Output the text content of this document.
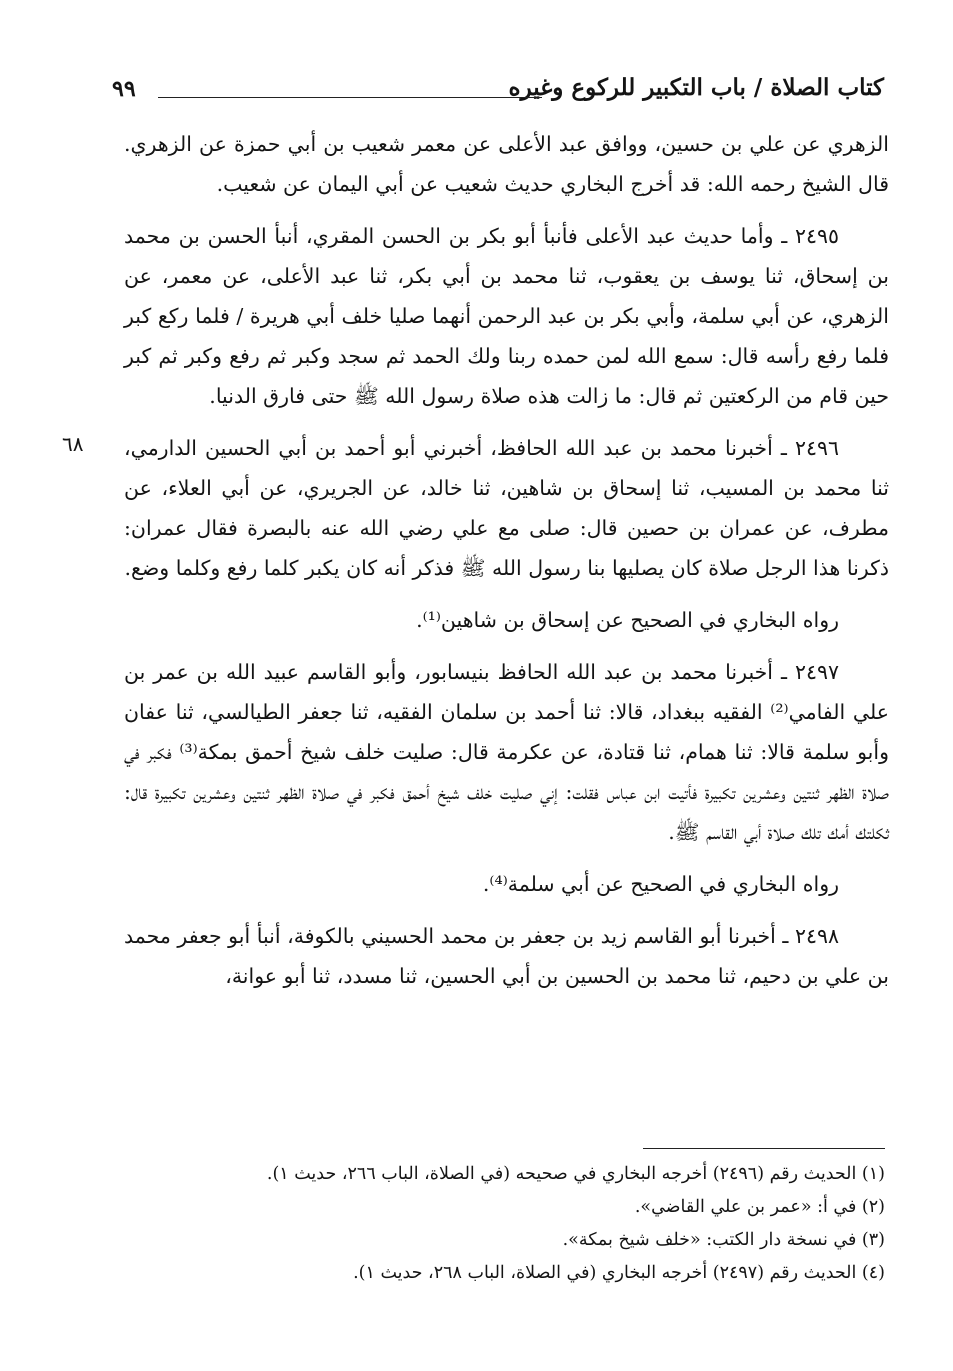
كتاب الصلاة / باب التكبير للركوع وغيره
٩٩
٦٨

الزهري عن علي بن حسين، ووافق عبد الأعلى عن معمر شعيب بن أبي حمزة عن الزهري. قال الشيخ رحمه الله: قد أخرج البخاري حديث شعيب عن أبي اليمان عن شعيب.

٢٤٩٥ ـ وأما حديث عبد الأعلى فأنبأ أبو بكر بن الحسن المقري، أنبأ الحسن بن محمد بن إسحاق، ثنا يوسف بن يعقوب، ثنا محمد بن أبي بكر، ثنا عبد الأعلى، عن معمر، عن الزهري، عن أبي سلمة، وأبي بكر بن عبد الرحمن أنهما صليا خلف أبي هريرة / فلما ركع كبر فلما رفع رأسه قال: سمع الله لمن حمده ربنا ولك الحمد ثم سجد وكبر ثم رفع وكبر ثم كبر حين قام من الركعتين ثم قال: ما زالت هذه صلاة رسول الله ﷺ حتى فارق الدنيا.

٢٤٩٦ ـ أخبرنا محمد بن عبد الله الحافظ، أخبرني أبو أحمد بن أبي الحسين الدارمي، ثنا محمد بن المسيب، ثنا إسحاق بن شاهين، ثنا خالد، عن الجريري، عن أبي العلاء، عن مطرف، عن عمران بن حصين قال: صلى مع علي رضي الله عنه بالبصرة فقال عمران: ذكرنا هذا الرجل صلاة كان يصليها بنا رسول الله ﷺ فذكر أنه كان يكبر كلما رفع وكلما وضع.

رواه البخاري في الصحيح عن إسحاق بن شاهين⁽¹⁾.

٢٤٩٧ ـ أخبرنا محمد بن عبد الله الحافظ بنيسابور، وأبو القاسم عبيد الله بن عمر بن علي الفامي⁽²⁾ الفقيه ببغداد، قالا: ثنا أحمد بن سلمان الفقيه، ثنا جعفر الطيالسي، ثنا عفان وأبو سلمة قالا: ثنا همام، ثنا قتادة، عن عكرمة قال: صليت خلف شيخ أحمق بمكة⁽³⁾ فكبر في صلاة الظهر ثنتين وعشرين تكبيرة فأتيت ابن عباس فقلت: إني صليت خلف شيخ أحمق فكبر في صلاة الظهر ثنتين وعشرين تكبيرة قال: ثكلتك أمك تلك صلاة أبي القاسم ﷺ.

رواه البخاري في الصحيح عن أبي سلمة⁽⁴⁾.

٢٤٩٨ ـ أخبرنا أبو القاسم زيد بن جعفر بن محمد الحسيني بالكوفة، أنبأ أبو جعفر محمد بن علي بن دحيم، ثنا محمد بن الحسين بن أبي الحسين، ثنا مسدد، ثنا أبو عوانة،

(١) الحديث رقم (٢٤٩٦) أخرجه البخاري في صحيحه (في الصلاة، الباب ٢٦٦، حديث ١).

(٢) في أ: «عمر بن علي القاضي».

(٣) في نسخة دار الكتب: «خلف شيخ بمكة».

(٤) الحديث رقم (٢٤٩٧) أخرجه البخاري (في الصلاة، الباب ٢٦٨، حديث ١).
